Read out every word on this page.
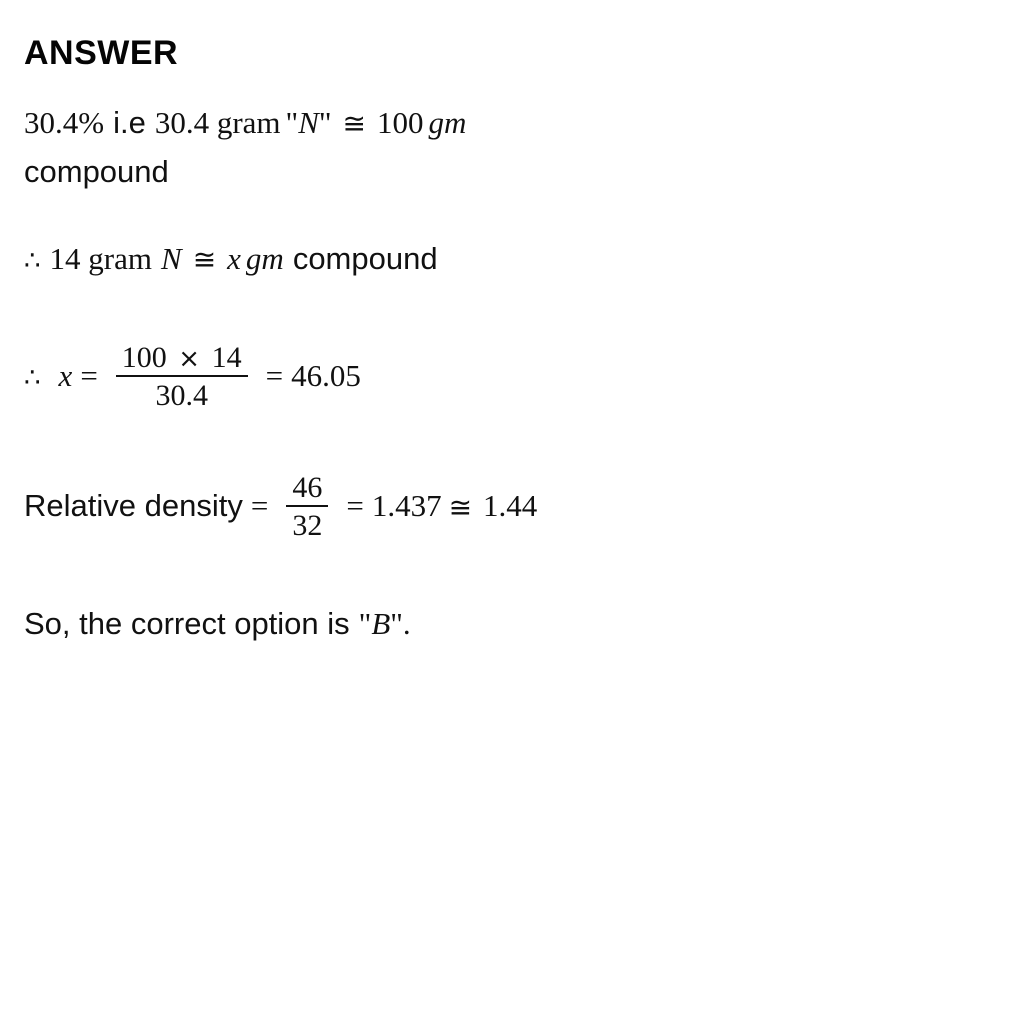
ANSWER
30.4% i.e 30.4 gram " N " ≅ 100 gm
compound
∴ 14 gram N ≅ x gm compound
∴ $x = \frac{100 \times 14}{30.4} = 46.05$
Relative density = $\frac{46}{32} = 1.437$ ≅ 1.44
So, the correct option is " B ".
